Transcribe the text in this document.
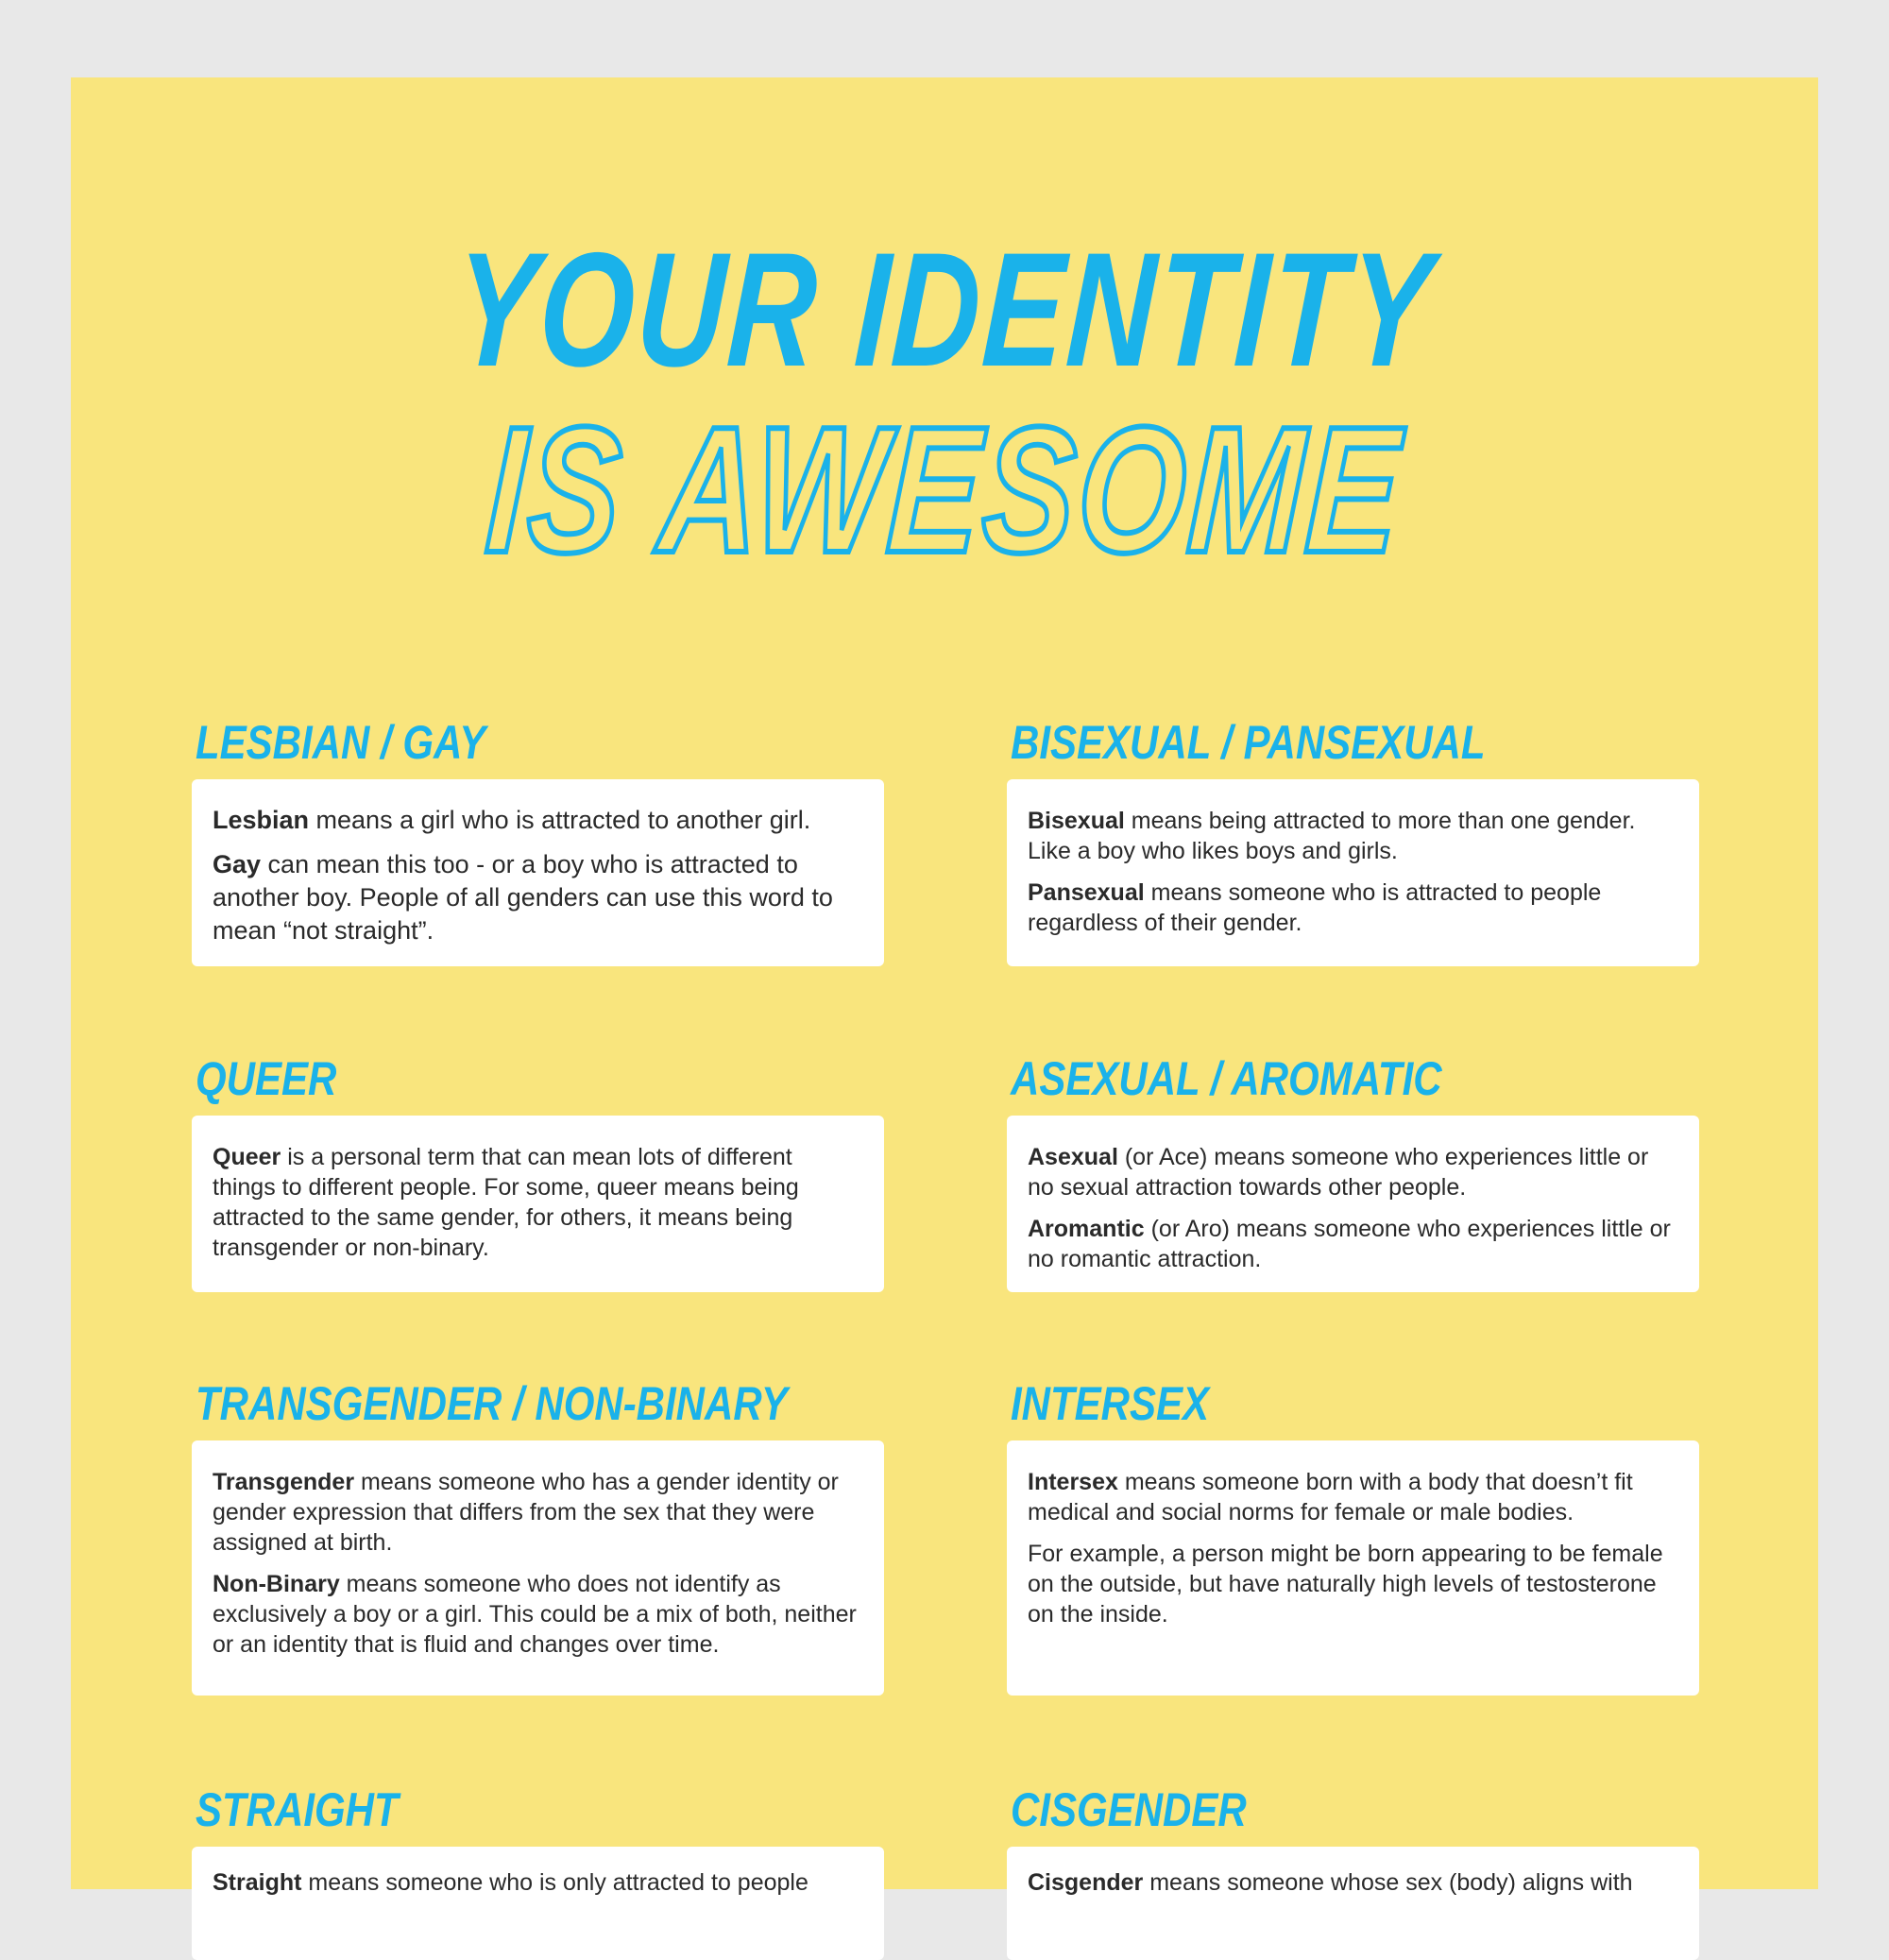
YOUR IDENTITY
IS AWESOME
LESBIAN / GAY

Lesbian means a girl who is attracted to another girl.

Gay can mean this too - or a boy who is attracted to another boy. People of all genders can use this word to mean “not straight”.

BISEXUAL / PANSEXUAL

Bisexual means being attracted to more than one gender. Like a boy who likes boys and girls.

Pansexual means someone who is attracted to people regardless of their gender.

QUEER

Queer is a personal term that can mean lots of different things to different people. For some, queer means being attracted to the same gender, for others, it means being transgender or non-binary.

ASEXUAL / AROMATIC

Asexual (or Ace) means someone who experiences little or no sexual attraction towards other people.

Aromantic (or Aro) means someone who experiences little or no romantic attraction.

TRANSGENDER / NON-BINARY

Transgender means someone who has a gender identity or gender expression that differs from the sex that they were assigned at birth.

Non-Binary means someone who does not identify as exclusively a boy or a girl. This could be a mix of both, neither or an identity that is fluid and changes over time.

INTERSEX

Intersex means someone born with a body that doesn’t fit medical and social norms for female or male bodies.

For example, a person might be born appearing to be female on the outside, but have naturally high levels of testosterone on the inside.

STRAIGHT

Straight means someone who is only attracted to people

CISGENDER

Cisgender means someone whose sex (body) aligns with
